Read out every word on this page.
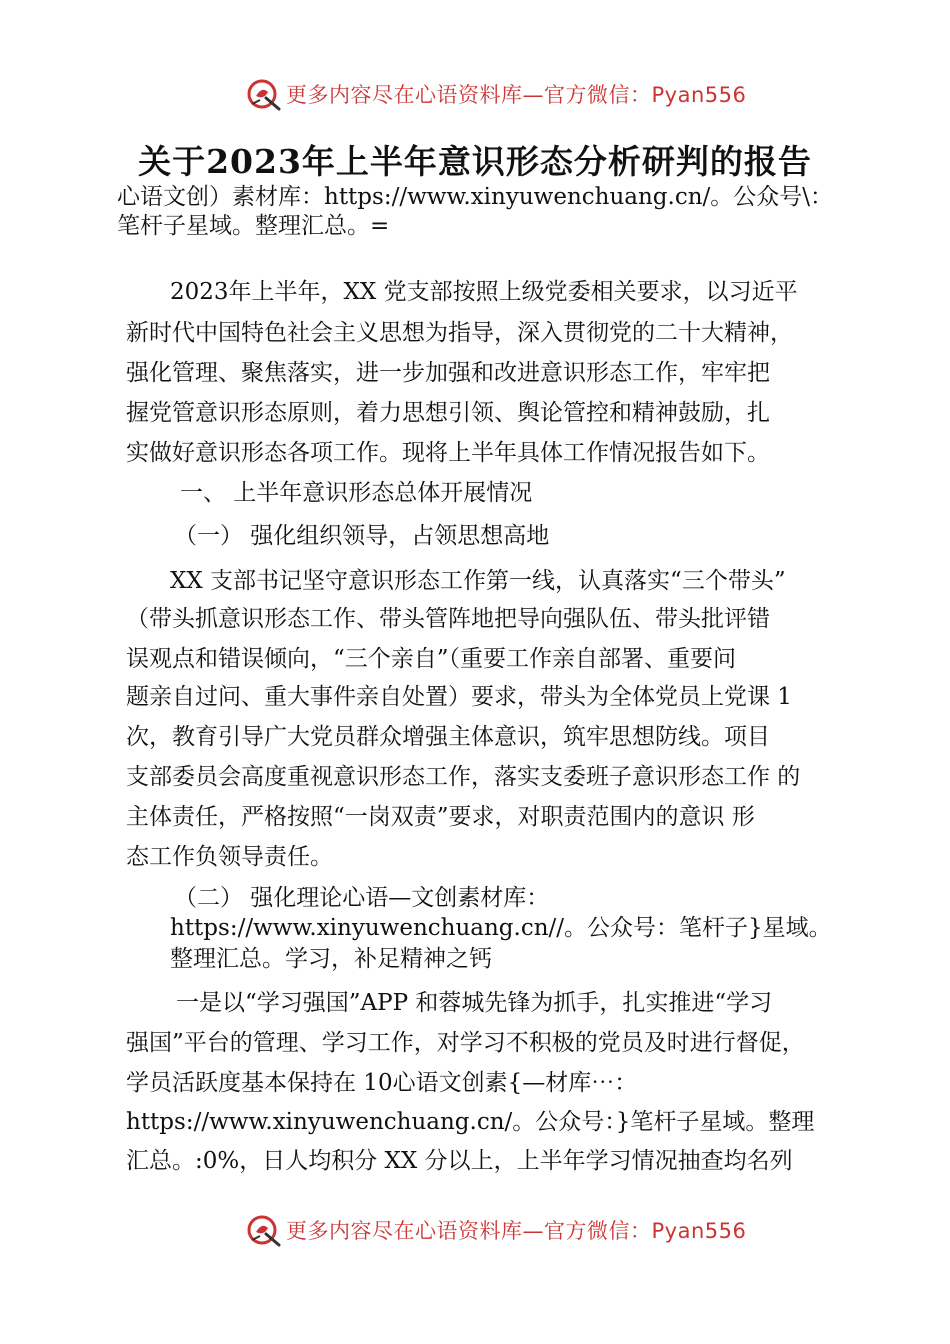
更多内容尽在心语资料库—官方微信：Pyan556
关于2023年上半年意识形态分析研判的报告
心语文创）素材库：https://www.xinyuwenchuang.cn/。公众号\：
笔杆子星域。整理汇总。=
2023年上半年，XX 党支部按照上级党委相关要求，以习近平
新时代中国特色社会主义思想为指导，深入贯彻党的二十大精神，
强化管理、聚焦落实，进一步加强和改进意识形态工作，牢牢把
握党管意识形态原则，着力思想引领、舆论管控和精神鼓励，扎
实做好意识形态各项工作。现将上半年具体工作情况报告如下。
一、 上半年意识形态总体开展情况
（一） 强化组织领导，占领思想高地
XX 支部书记坚守意识形态工作第一线，认真落实“三个带头”
（带头抓意识形态工作、带头管阵地把导向强队伍、带头批评错
误观点和错误倾向，“三个亲自”（重要工作亲自部署、重要问
题亲自过问、重大事件亲自处置）要求，带头为全体党员上党课 1
次，教育引导广大党员群众增强主体意识，筑牢思想防线。项目
支部委员会高度重视意识形态工作，落实支委班子意识形态工作 的
主体责任，严格按照“一岗双责”要求，对职责范围内的意识 形
态工作负领导责任。
（二） 强化理论心语—文创素材库：
https://www.xinyuwenchuang.cn//。公众号：笔杆子}星域。
整理汇总。学习，补足精神之钙
一是以“学习强国”APP 和蓉城先锋为抓手，扎实推进“学习
强国”平台的管理、学习工作，对学习不积极的党员及时进行督促，
学员活跃度基本保持在 10心语文创素{—材库⋯：
https://www.xinyuwenchuang.cn/。公众号：}笔杆子星域。整理
汇总。:0%，日人均积分 XX 分以上，上半年学习情况抽查均名列
更多内容尽在心语资料库—官方微信：Pyan556
